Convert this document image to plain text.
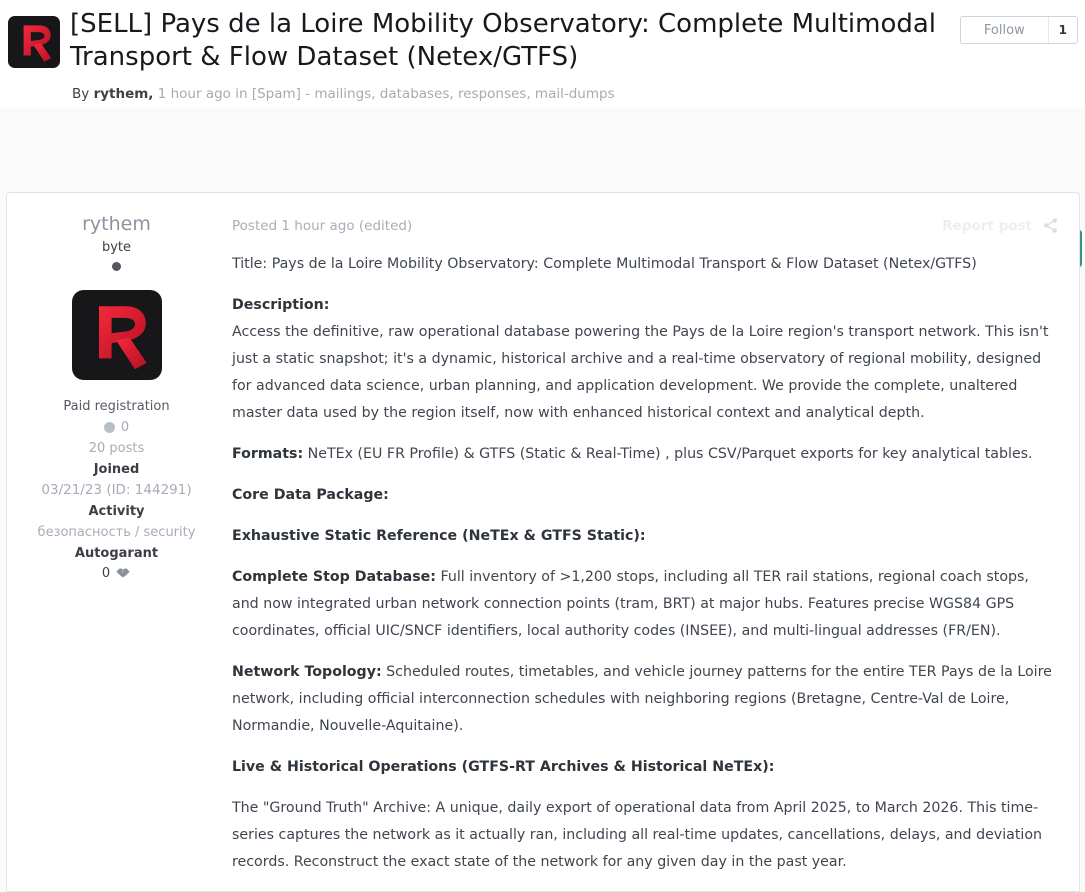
[SELL] Pays de la Loire Mobility Observatory: Complete Multimodal Transport & Flow Dataset (Netex/GTFS)
By rythem, 1 hour ago in [Spam] - mailings, databases, responses, mail-dumps
Follow	1
rythem
byte
Paid registration
0
20 posts
Joined
03/21/23 (ID: 144291)
Activity
безопасность / security
Autogarant
0
Posted 1 hour ago (edited)	Report post

Title: Pays de la Loire Mobility Observatory: Complete Multimodal Transport & Flow Dataset (Netex/GTFS)

Description:
Access the definitive, raw operational database powering the Pays de la Loire region's transport network. This isn't just a static snapshot; it's a dynamic, historical archive and a real-time observatory of regional mobility, designed for advanced data science, urban planning, and application development. We provide the complete, unaltered master data used by the region itself, now with enhanced historical context and analytical depth.

Formats: NeTEx (EU FR Profile) & GTFS (Static & Real-Time) , plus CSV/Parquet exports for key analytical tables.

Core Data Package:

Exhaustive Static Reference (NeTEx & GTFS Static):

Complete Stop Database: Full inventory of >1,200 stops, including all TER rail stations, regional coach stops, and now integrated urban network connection points (tram, BRT) at major hubs. Features precise WGS84 GPS coordinates, official UIC/SNCF identifiers, local authority codes (INSEE), and multi-lingual addresses (FR/EN).

Network Topology: Scheduled routes, timetables, and vehicle journey patterns for the entire TER Pays de la Loire network, including official interconnection schedules with neighboring regions (Bretagne, Centre-Val de Loire, Normandie, Nouvelle-Aquitaine).

Live & Historical Operations (GTFS-RT Archives & Historical NeTEx):

The "Ground Truth" Archive: A unique, daily export of operational data from April 2025, to March 2026. This time-series captures the network as it actually ran, including all real-time updates, cancellations, delays, and deviation records. Reconstruct the exact state of the network for any given day in the past year.
